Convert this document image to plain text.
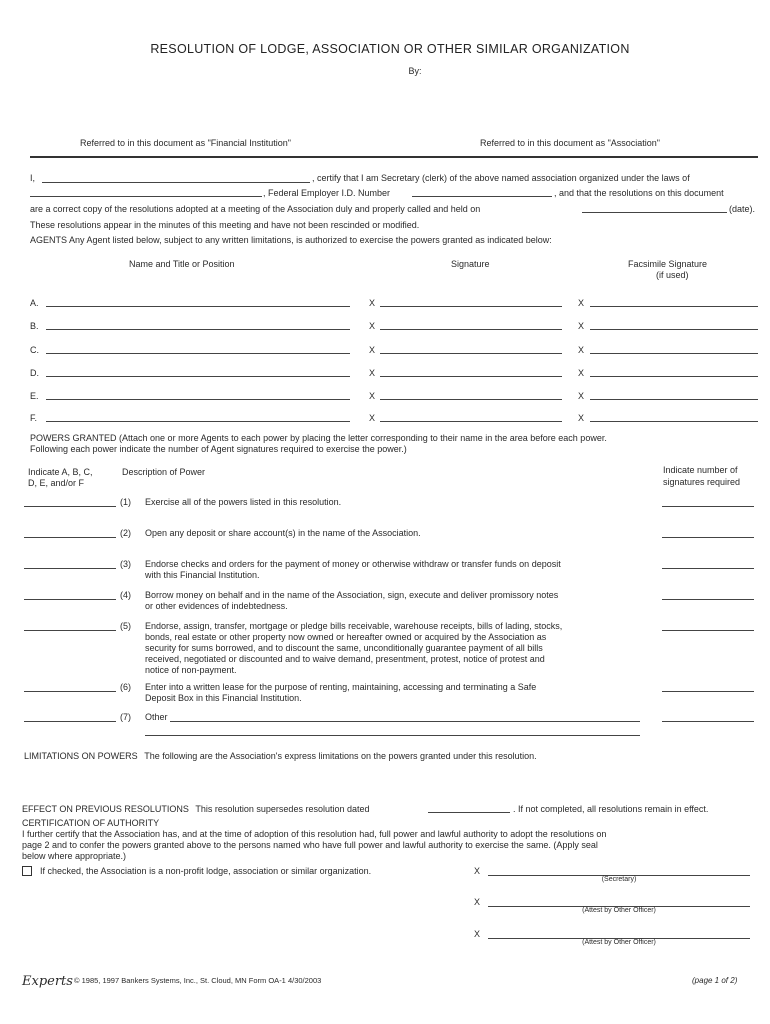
RESOLUTION OF LODGE, ASSOCIATION OR OTHER SIMILAR ORGANIZATION
By:
Referred to in this document as "Financial Institution"	Referred to in this document as "Association"
I,	, certify that I am Secretary (clerk) of the above named association organized under the laws of
, Federal Employer I.D. Number	, and that the resolutions on this document
are a correct copy of the resolutions adopted at a meeting of the Association duly and properly called and held on	(date).
These resolutions appear in the minutes of this meeting and have not been rescinded or modified.
AGENTS Any Agent listed below, subject to any written limitations, is authorized to exercise the powers granted as indicated below:
Name and Title or Position	Signature	Facsimile Signature
(if used)
A.	X	X
B.	X	X
C.	X	X
D.	X	X
E.	X	X
F.	X	X
POWERS GRANTED (Attach one or more Agents to each power by placing the letter corresponding to their name in the area before each power.
Following each power indicate the number of Agent signatures required to exercise the power.)
Indicate A, B, C,
D, E, and/or F
Description of Power	Indicate number of
signatures required
(1) Exercise all of the powers listed in this resolution.
(2) Open any deposit or share account(s) in the name of the Association.
(3) Endorse checks and orders for the payment of money or otherwise withdraw or transfer funds on deposit
with this Financial Institution.
(4) Borrow money on behalf and in the name of the Association, sign, execute and deliver promissory notes
or other evidences of indebtedness.
(5) Endorse, assign, transfer, mortgage or pledge bills receivable, warehouse receipts, bills of lading, stocks,
bonds, real estate or other property now owned or hereafter owned or acquired by the Association as
security for sums borrowed, and to discount the same, unconditionally guarantee payment of all bills
received, negotiated or discounted and to waive demand, presentment, protest, notice of protest and
notice of non-payment.
(6) Enter into a written lease for the purpose of renting, maintaining, accessing and terminating a Safe
Deposit Box in this Financial Institution.
(7) Other
LIMITATIONS ON POWERS The following are the Association's express limitations on the powers granted under this resolution.
EFFECT ON PREVIOUS RESOLUTIONS This resolution supersedes resolution dated	. If not completed, all resolutions remain in effect.
CERTIFICATION OF AUTHORITY
I further certify that the Association has, and at the time of adoption of this resolution had, full power and lawful authority to adopt the resolutions on
page 2 and to confer the powers granted above to the persons named who have full power and lawful authority to exercise the same. (Apply seal
below where appropriate.)
If checked, the Association is a non-profit lodge, association or similar organization.	X
(Secretary)
X
(Attest by Other Officer)
X
(Attest by Other Officer)
Experts © 1985, 1997 Bankers Systems, Inc., St. Cloud, MN Form OA-1 4/30/2003	(page 1 of 2)
